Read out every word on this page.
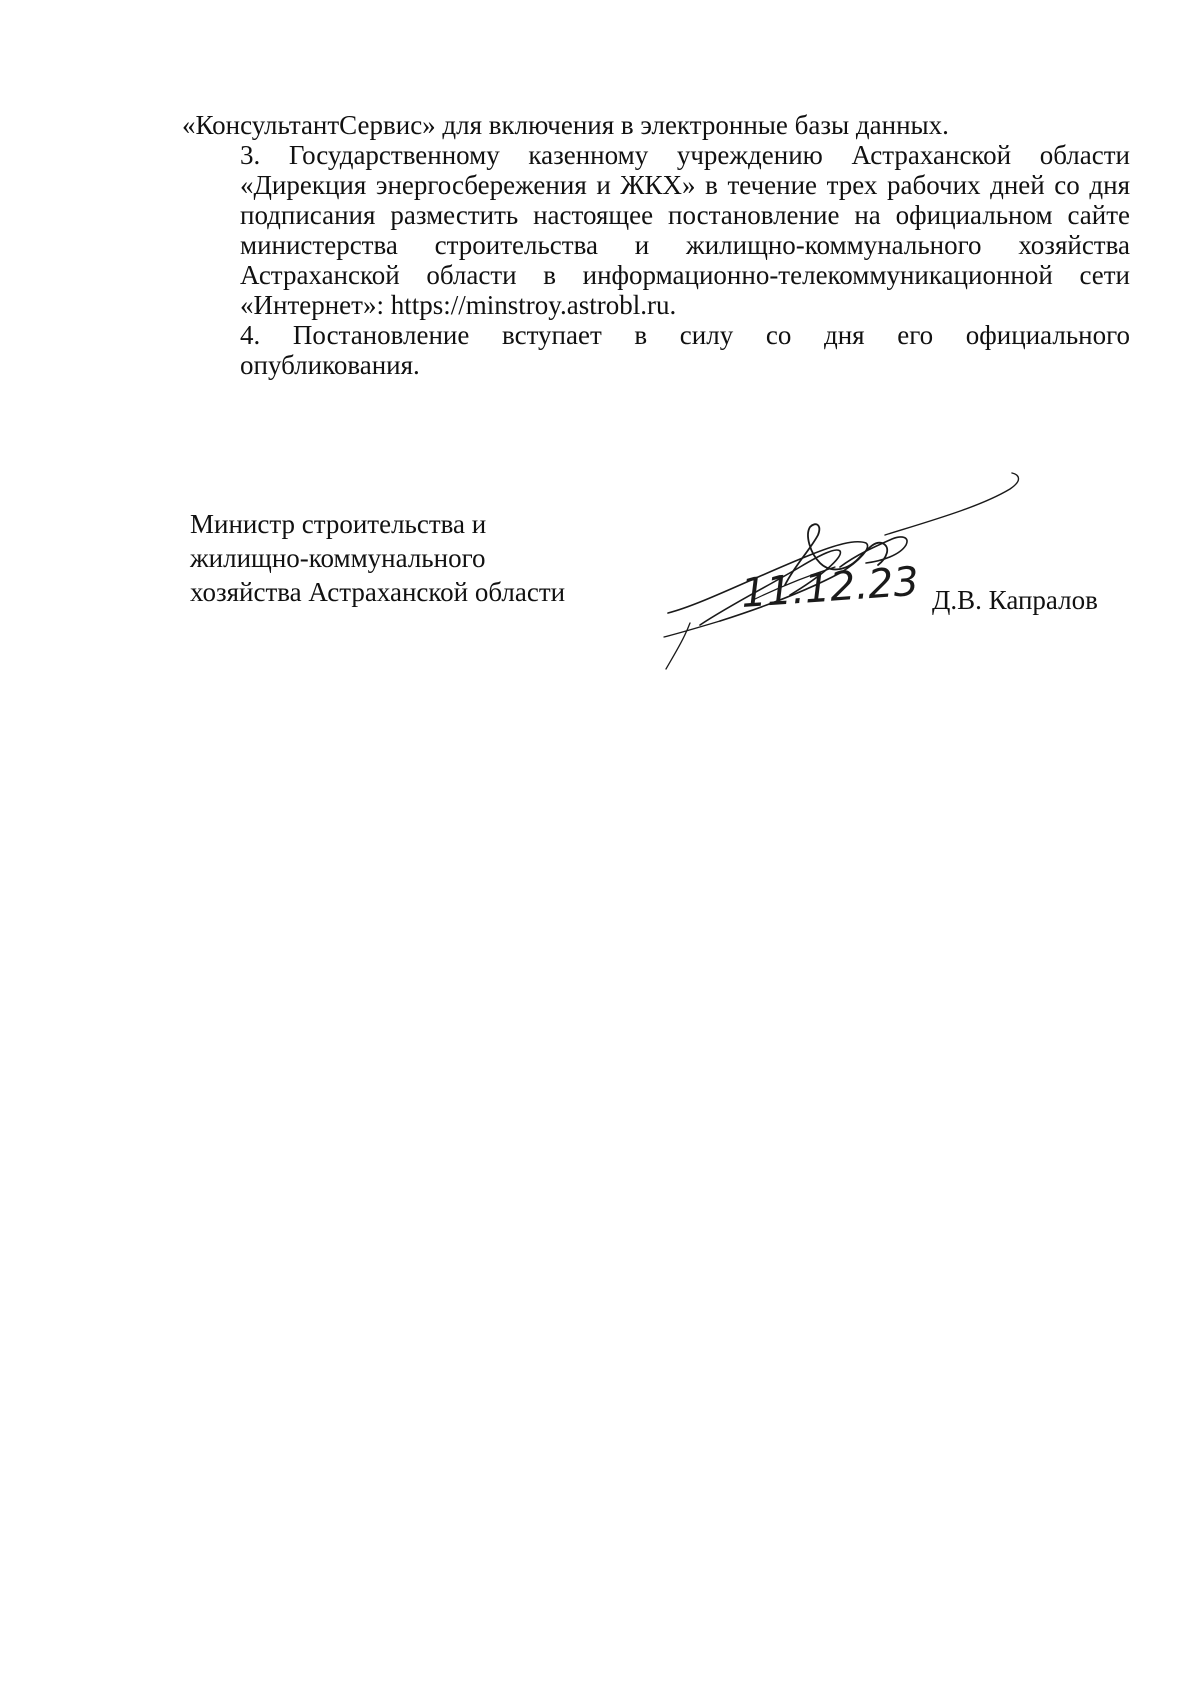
«КонсультантСервис» для включения в электронные базы данных.

3. Государственному казенному учреждению Астраханской области
«Дирекция энергосбережения и ЖКХ» в течение трех рабочих дней со дня
подписания разместить настоящее постановление на официальном сайте
министерства строительства и жилищно-коммунального хозяйства
Астраханской области в информационно-телекоммуникационной сети
«Интернет»: https://minstroy.astrobl.ru.

4. Постановление вступает в силу со дня его официального
опубликования.

Министр строительства и
жилищно-коммунального
хозяйства Астраханской области	11.12.23 Д.В. Капралов
